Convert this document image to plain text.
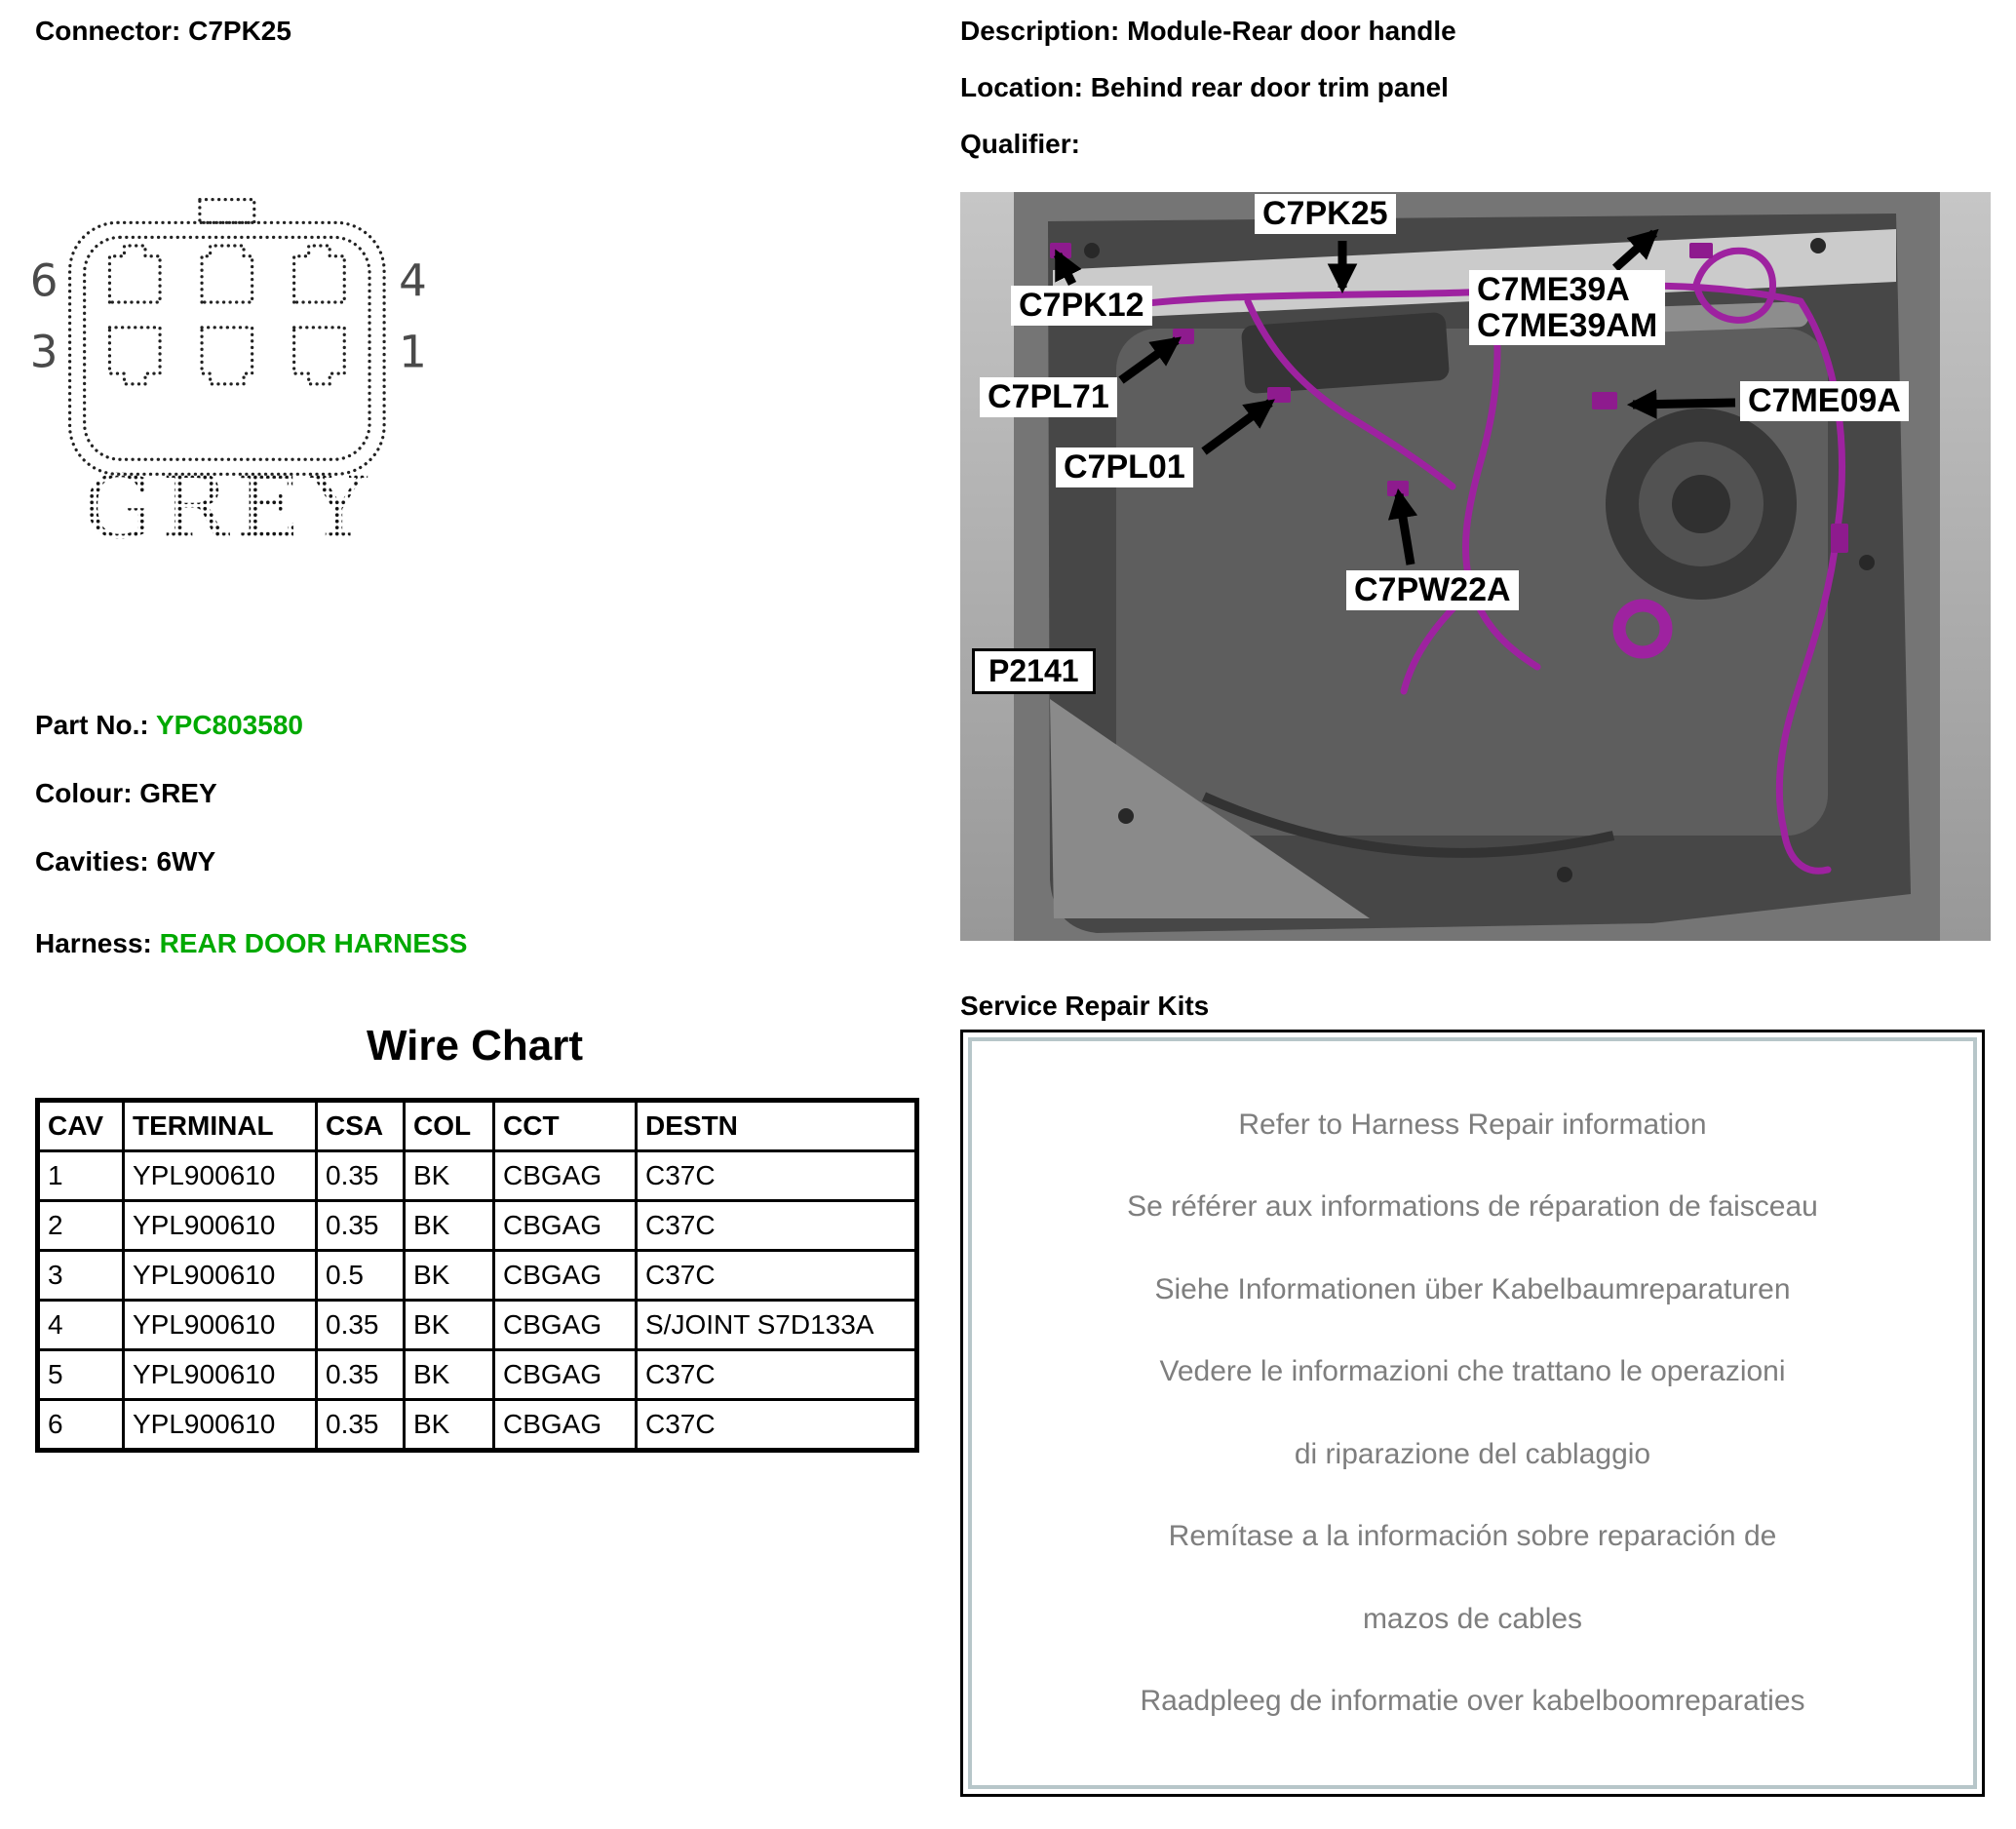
Connector: C7PK25
6
3
4
1
GREY
Part No.: YPC803580
Colour: GREY
Cavities: 6WY
Harness: REAR DOOR HARNESS
Wire Chart
CAV	TERMINAL	CSA	COL	CCT	DESTN
1	YPL900610	0.35	BK	CBGAG	C37C
2	YPL900610	0.35	BK	CBGAG	C37C
3	YPL900610	0.5	BK	CBGAG	C37C
4	YPL900610	0.35	BK	CBGAG	S/JOINT S7D133A
5	YPL900610	0.35	BK	CBGAG	C37C
6	YPL900610	0.35	BK	CBGAG	C37C
Description: Module-Rear door handle
Location: Behind rear door trim panel
Qualifier:
C7PK25
C7ME39A
C7ME39AM
C7PK12
C7PL71	C7ME09A
C7PL01
C7PW22A
P2141
Service Repair Kits
Refer to Harness Repair information
Se référer aux informations de réparation de faisceau
Siehe Informationen über Kabelbaumreparaturen
Vedere le informazioni che trattano le operazioni
di riparazione del cablaggio
Remítase a la información sobre reparación de
mazos de cables
Raadpleeg de informatie over kabelboomreparaties
